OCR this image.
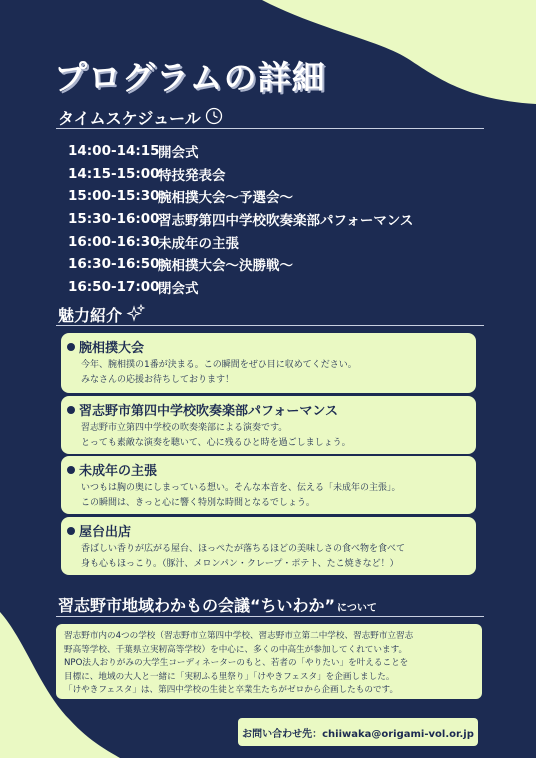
プログラムの詳細
タイムスケジュール
14:00-14:15
開会式
14:15-15:00
特技発表会
15:00-15:30
腕相撲大会～予選会～
15:30-16:00
習志野第四中学校吹奏楽部パフォーマンス
16:00-16:30
未成年の主張
16:30-16:50
腕相撲大会～決勝戦～
16:50-17:00
閉会式
魅力紹介
腕相撲大会

今年、腕相撲の1番が決まる。この瞬間をぜひ目に収めてください。

みなさんの応援お待ちしております！

習志野市第四中学校吹奏楽部パフォーマンス

習志野市立第四中学校の吹奏楽部による演奏です。

とっても素敵な演奏を聴いて、心に残るひと時を過ごしましょう。

未成年の主張

いつもは胸の奥にしまっている想い。そんな本音を、伝える「未成年の主張」。

この瞬間は、きっと心に響く特別な時間となるでしょう。

屋台出店

香ばしい香りが広がる屋台、ほっぺたが落ちるほどの美味しさの食べ物を食べて

身も心もほっこり。（豚汁、メロンパン・クレープ・ポテト、たこ焼きなど！）

習志野市地域わかもの会議“ちいわか” について

習志野市内の4つの学校（習志野市立第四中学校、習志野市立第二中学校、習志野市立習志

野高等学校、千葉県立実籾高等学校）を中心に、多くの中高生が参加してくれています。

NPO法人おりがみの大学生コーディネーターのもと、若者の「やりたい」を叶えることを

目標に、地域の大人と一緒に「実籾ふる里祭り」「けやきフェスタ」を企画しました。

「けやきフェスタ」は、第四中学校の生徒と卒業生たちがゼロから企画したものです。

お問い合わせ先：chiiwaka@origami-vol.or.jp
